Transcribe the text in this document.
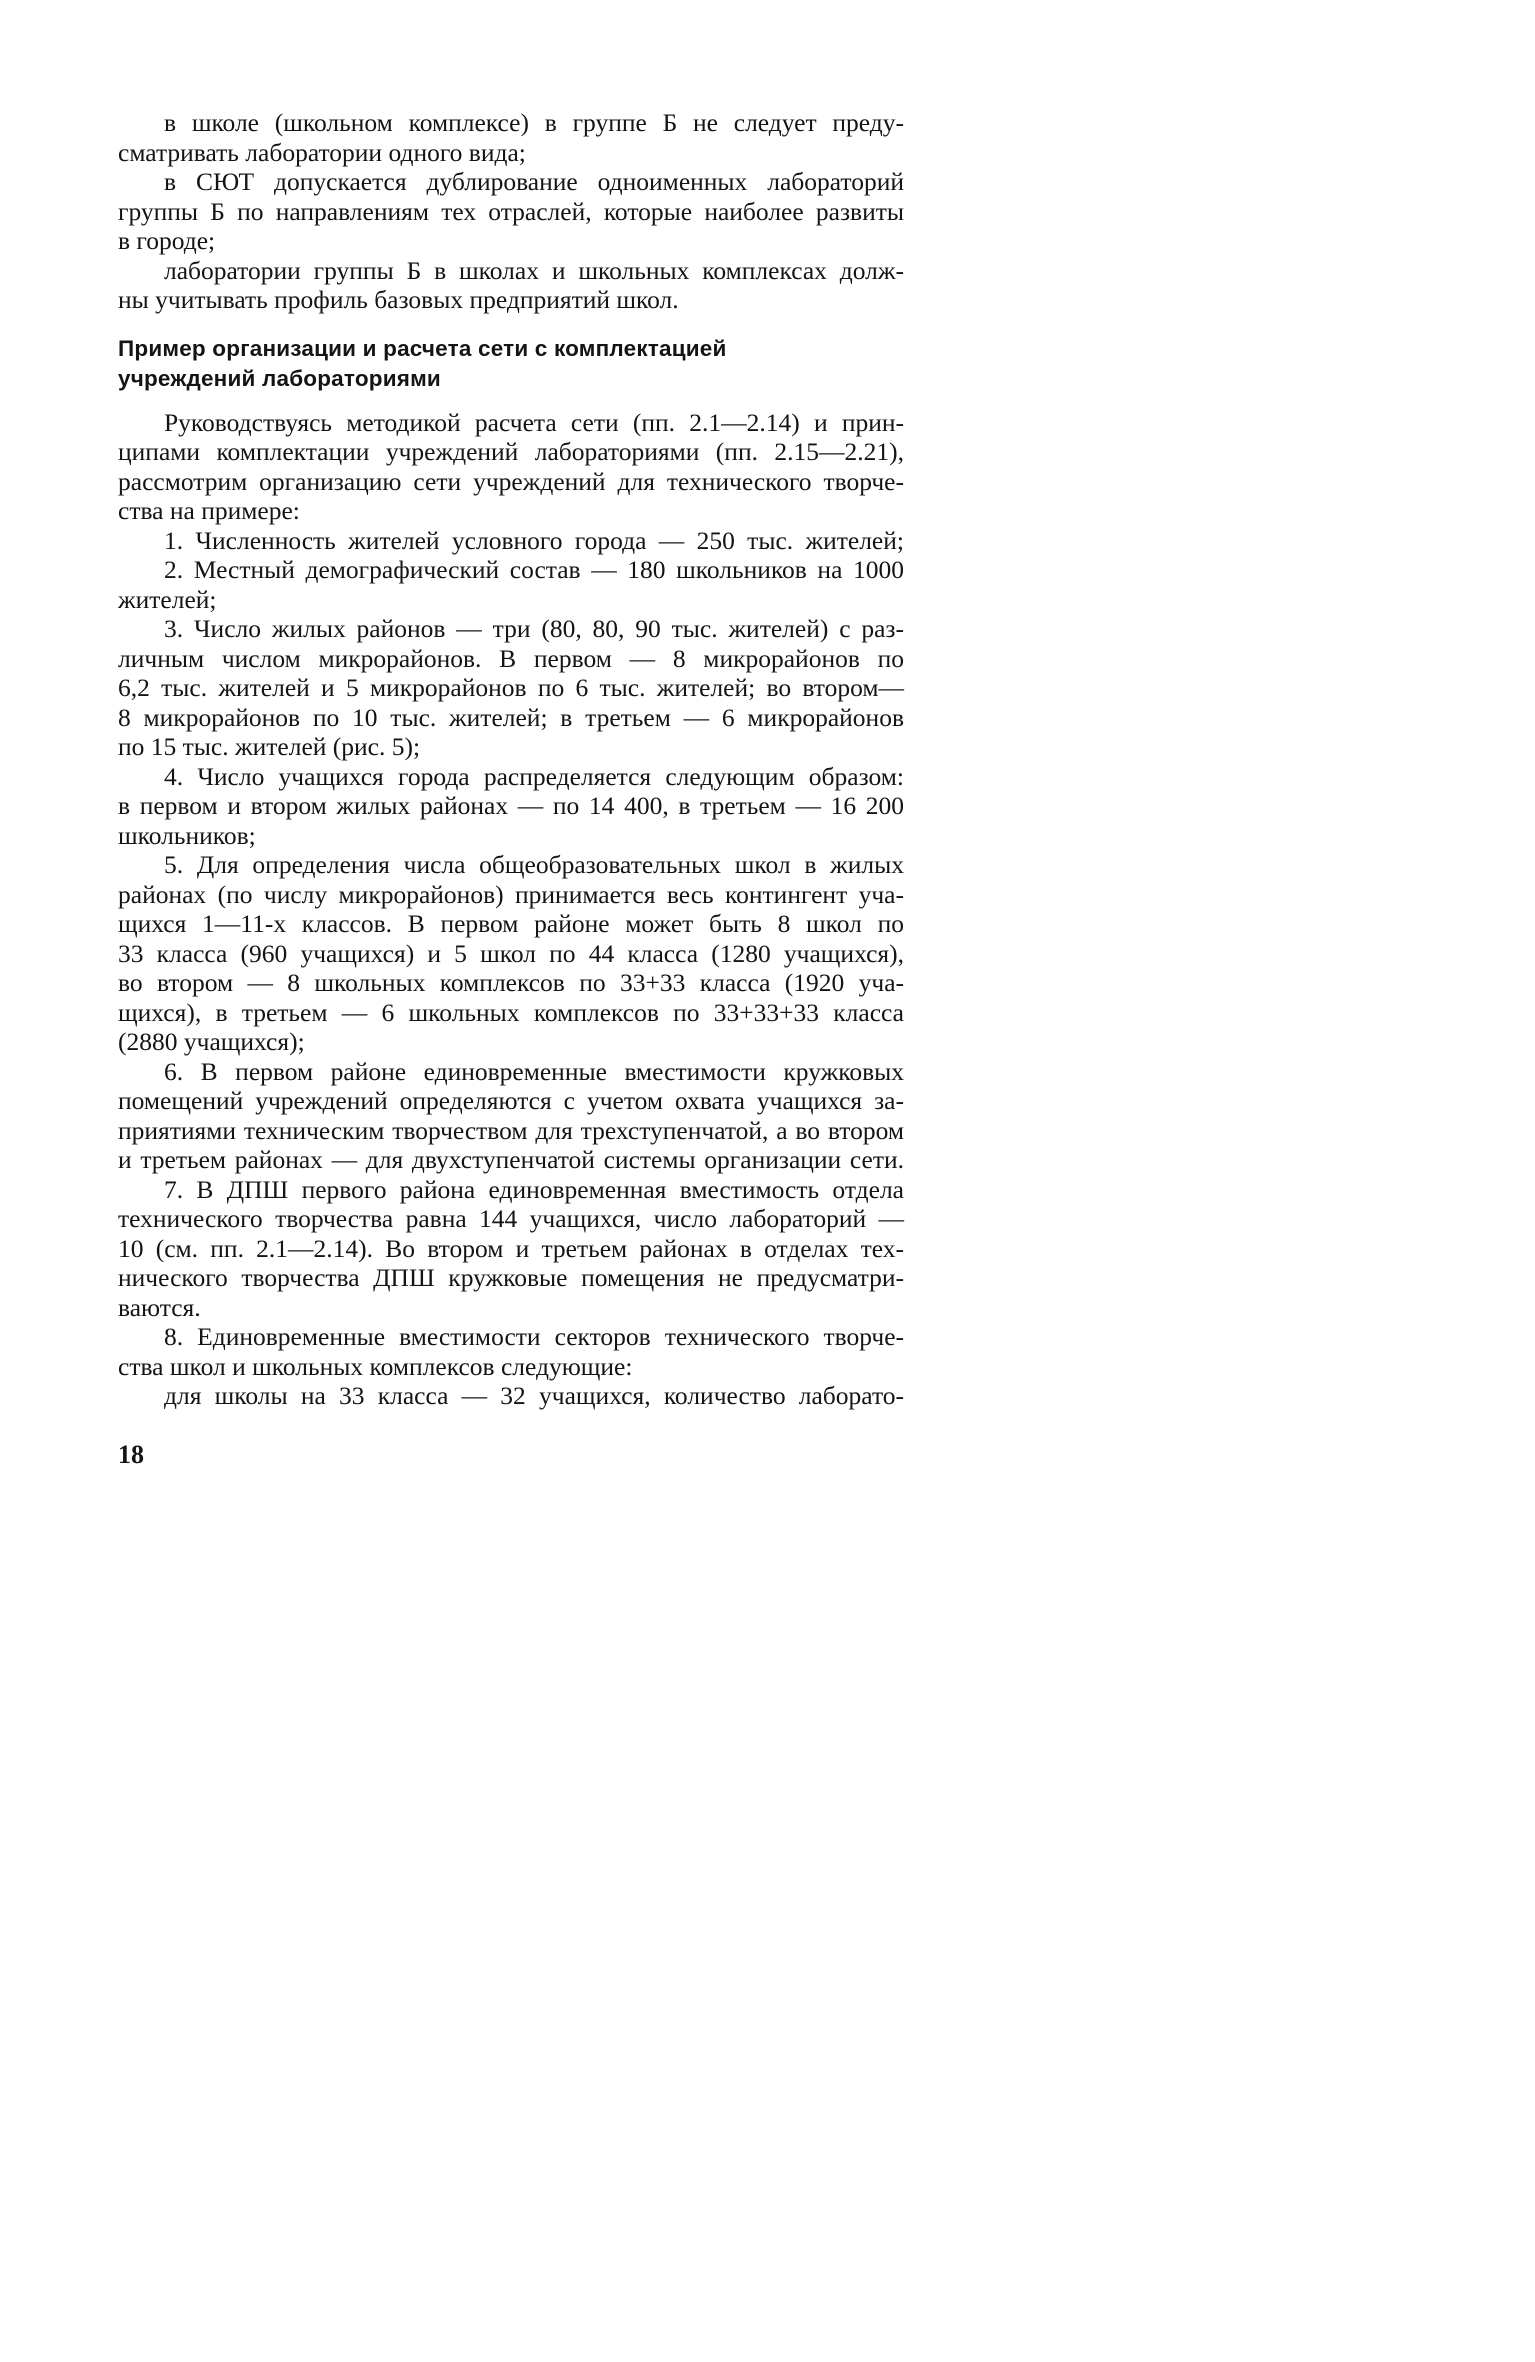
в школе (школьном комплексе) в группе Б не следует преду-
сматривать лаборатории одного вида;
в СЮТ допускается дублирование одноименных лабораторий
группы Б по направлениям тех отраслей, которые наиболее развиты
в городе;
лаборатории группы Б в школах и школьных комплексах долж-
ны учитывать профиль базовых предприятий школ.
Пример организации и расчета сети с комплектацией
учреждений лабораториями
Руководствуясь методикой расчета сети (пп. 2.1—2.14) и прин-
ципами комплектации учреждений лабораториями (пп. 2.15—2.21),
рассмотрим организацию сети учреждений для технического творче-
ства на примере:
1. Численность жителей условного города — 250 тыс. жителей;
2. Местный демографический состав — 180 школьников на 1000
жителей;
3. Число жилых районов — три (80, 80, 90 тыс. жителей) с раз-
личным числом микрорайонов. В первом — 8 микрорайонов по
6,2 тыс. жителей и 5 микрорайонов по 6 тыс. жителей; во втором—
8 микрорайонов по 10 тыс. жителей; в третьем — 6 микрорайонов
по 15 тыс. жителей (рис. 5);
4. Число учащихся города распределяется следующим образом:
в первом и втором жилых районах — по 14 400, в третьем — 16 200
школьников;
5. Для определения числа общеобразовательных школ в жилых
районах (по числу микрорайонов) принимается весь контингент уча-
щихся 1—11-х классов. В первом районе может быть 8 школ по
33 класса (960 учащихся) и 5 школ по 44 класса (1280 учащихся),
во втором — 8 школьных комплексов по 33+33 класса (1920 уча-
щихся), в третьем — 6 школьных комплексов по 33+33+33 класса
(2880 учащихся);
6. В первом районе единовременные вместимости кружковых
помещений учреждений определяются с учетом охвата учащихся за-
приятиями техническим творчеством для трехступенчатой, а во втором
и третьем районах — для двухступенчатой системы организации сети.
7. В ДПШ первого района единовременная вместимость отдела
технического творчества равна 144 учащихся, число лабораторий —
10 (см. пп. 2.1—2.14). Во втором и третьем районах в отделах тех-
нического творчества ДПШ кружковые помещения не предусматри-
ваются.
8. Единовременные вместимости секторов технического творче-
ства школ и школьных комплексов следующие:
для школы на 33 класса — 32 учащихся, количество лаборато-
18
